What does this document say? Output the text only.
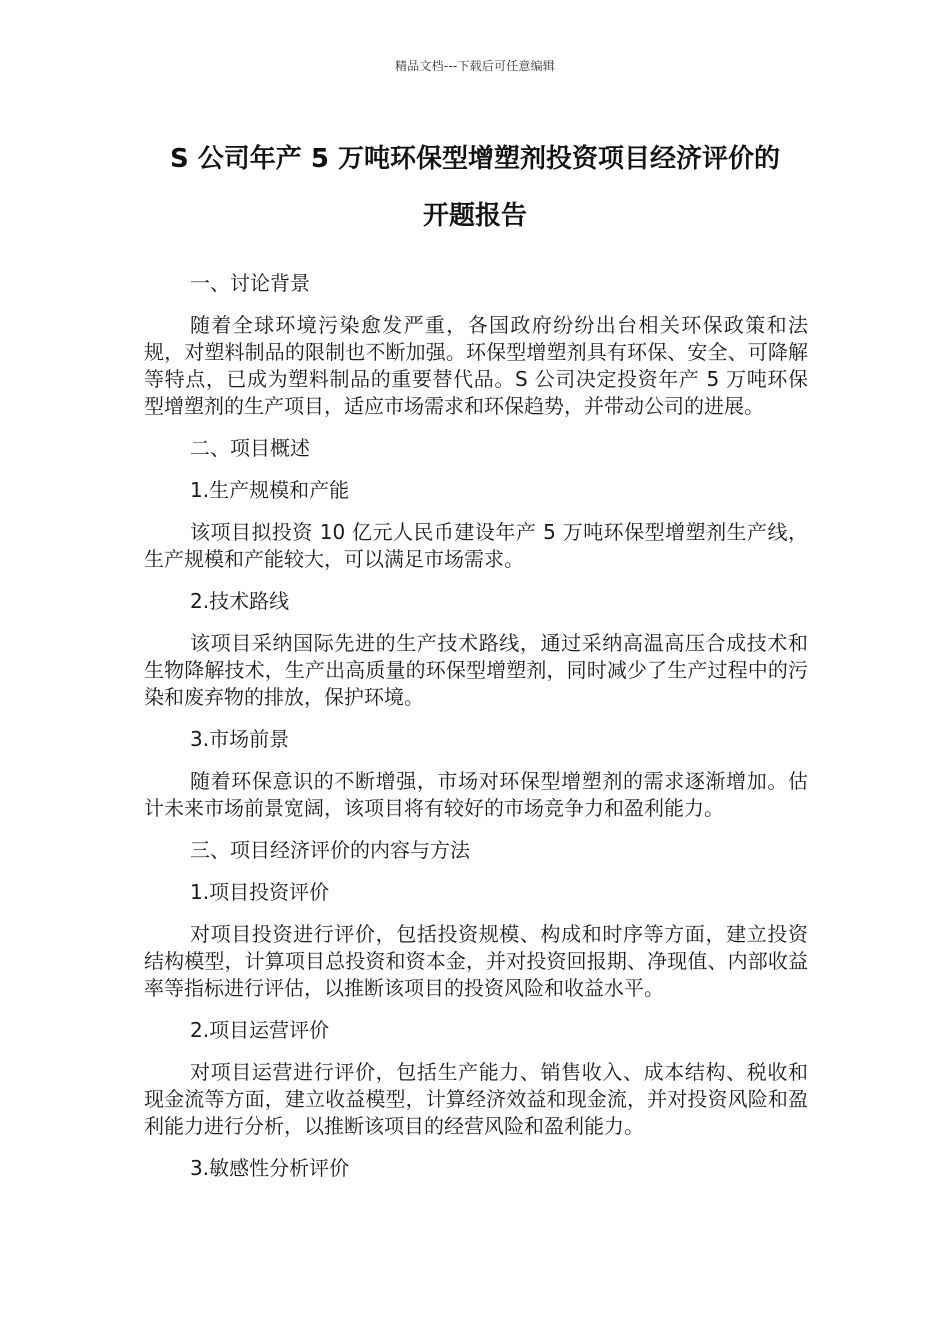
精品文档---下载后可任意编辑
S 公司年产 5 万吨环保型增塑剂投资项目经济评价的
开题报告
一、讨论背景
随着全球环境污染愈发严重，各国政府纷纷出台相关环保政策和法规，对塑料制品的限制也不断加强。环保型增塑剂具有环保、安全、可降解等特点，已成为塑料制品的重要替代品。S 公司决定投资年产 5 万吨环保型增塑剂的生产项目，适应市场需求和环保趋势，并带动公司的进展。
二、项目概述
1.生产规模和产能
该项目拟投资 10 亿元人民币建设年产 5 万吨环保型增塑剂生产线，生产规模和产能较大，可以满足市场需求。
2.技术路线
该项目采纳国际先进的生产技术路线，通过采纳高温高压合成技术和生物降解技术，生产出高质量的环保型增塑剂，同时减少了生产过程中的污染和废弃物的排放，保护环境。
3.市场前景
随着环保意识的不断增强，市场对环保型增塑剂的需求逐渐增加。估计未来市场前景宽阔，该项目将有较好的市场竞争力和盈利能力。
三、项目经济评价的内容与方法
1.项目投资评价
对项目投资进行评价，包括投资规模、构成和时序等方面，建立投资结构模型，计算项目总投资和资本金，并对投资回报期、净现值、内部收益率等指标进行评估，以推断该项目的投资风险和收益水平。
2.项目运营评价
对项目运营进行评价，包括生产能力、销售收入、成本结构、税收和现金流等方面，建立收益模型，计算经济效益和现金流，并对投资风险和盈利能力进行分析，以推断该项目的经营风险和盈利能力。
3.敏感性分析评价
